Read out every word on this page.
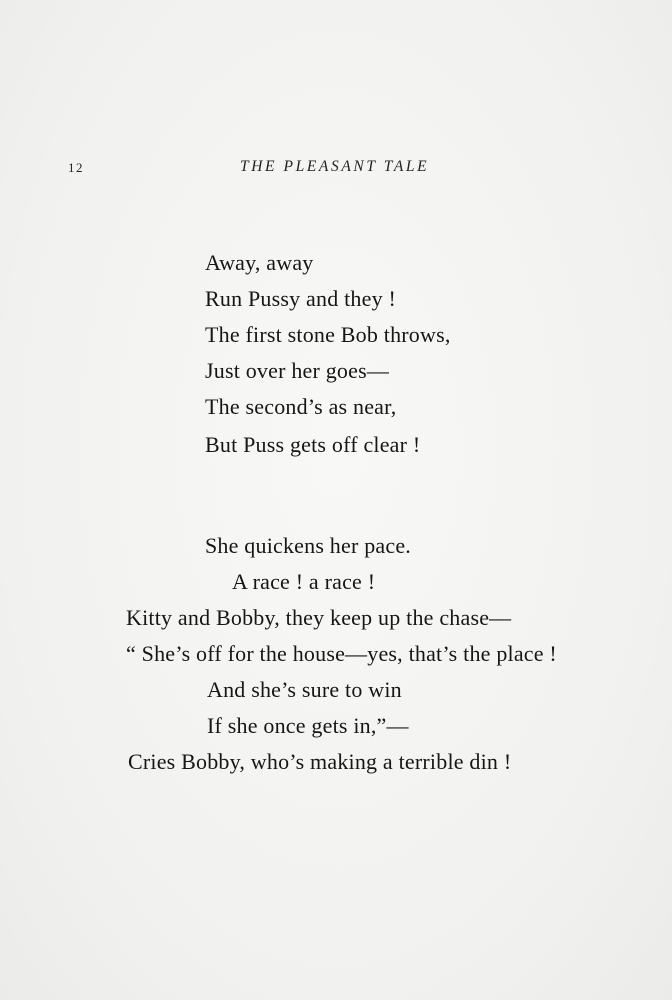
12	THE PLEASANT TALE
Away, away
Run Pussy and they !
The first stone Bob throws,
Just over her goes—
The second’s as near,
But Puss gets off clear !
She quickens her pace.
A race ! a race !
Kitty and Bobby, they keep up the chase—
“ She’s off for the house—yes, that’s the place !
And she’s sure to win
If she once gets in,”—
Cries Bobby, who’s making a terrible din !
